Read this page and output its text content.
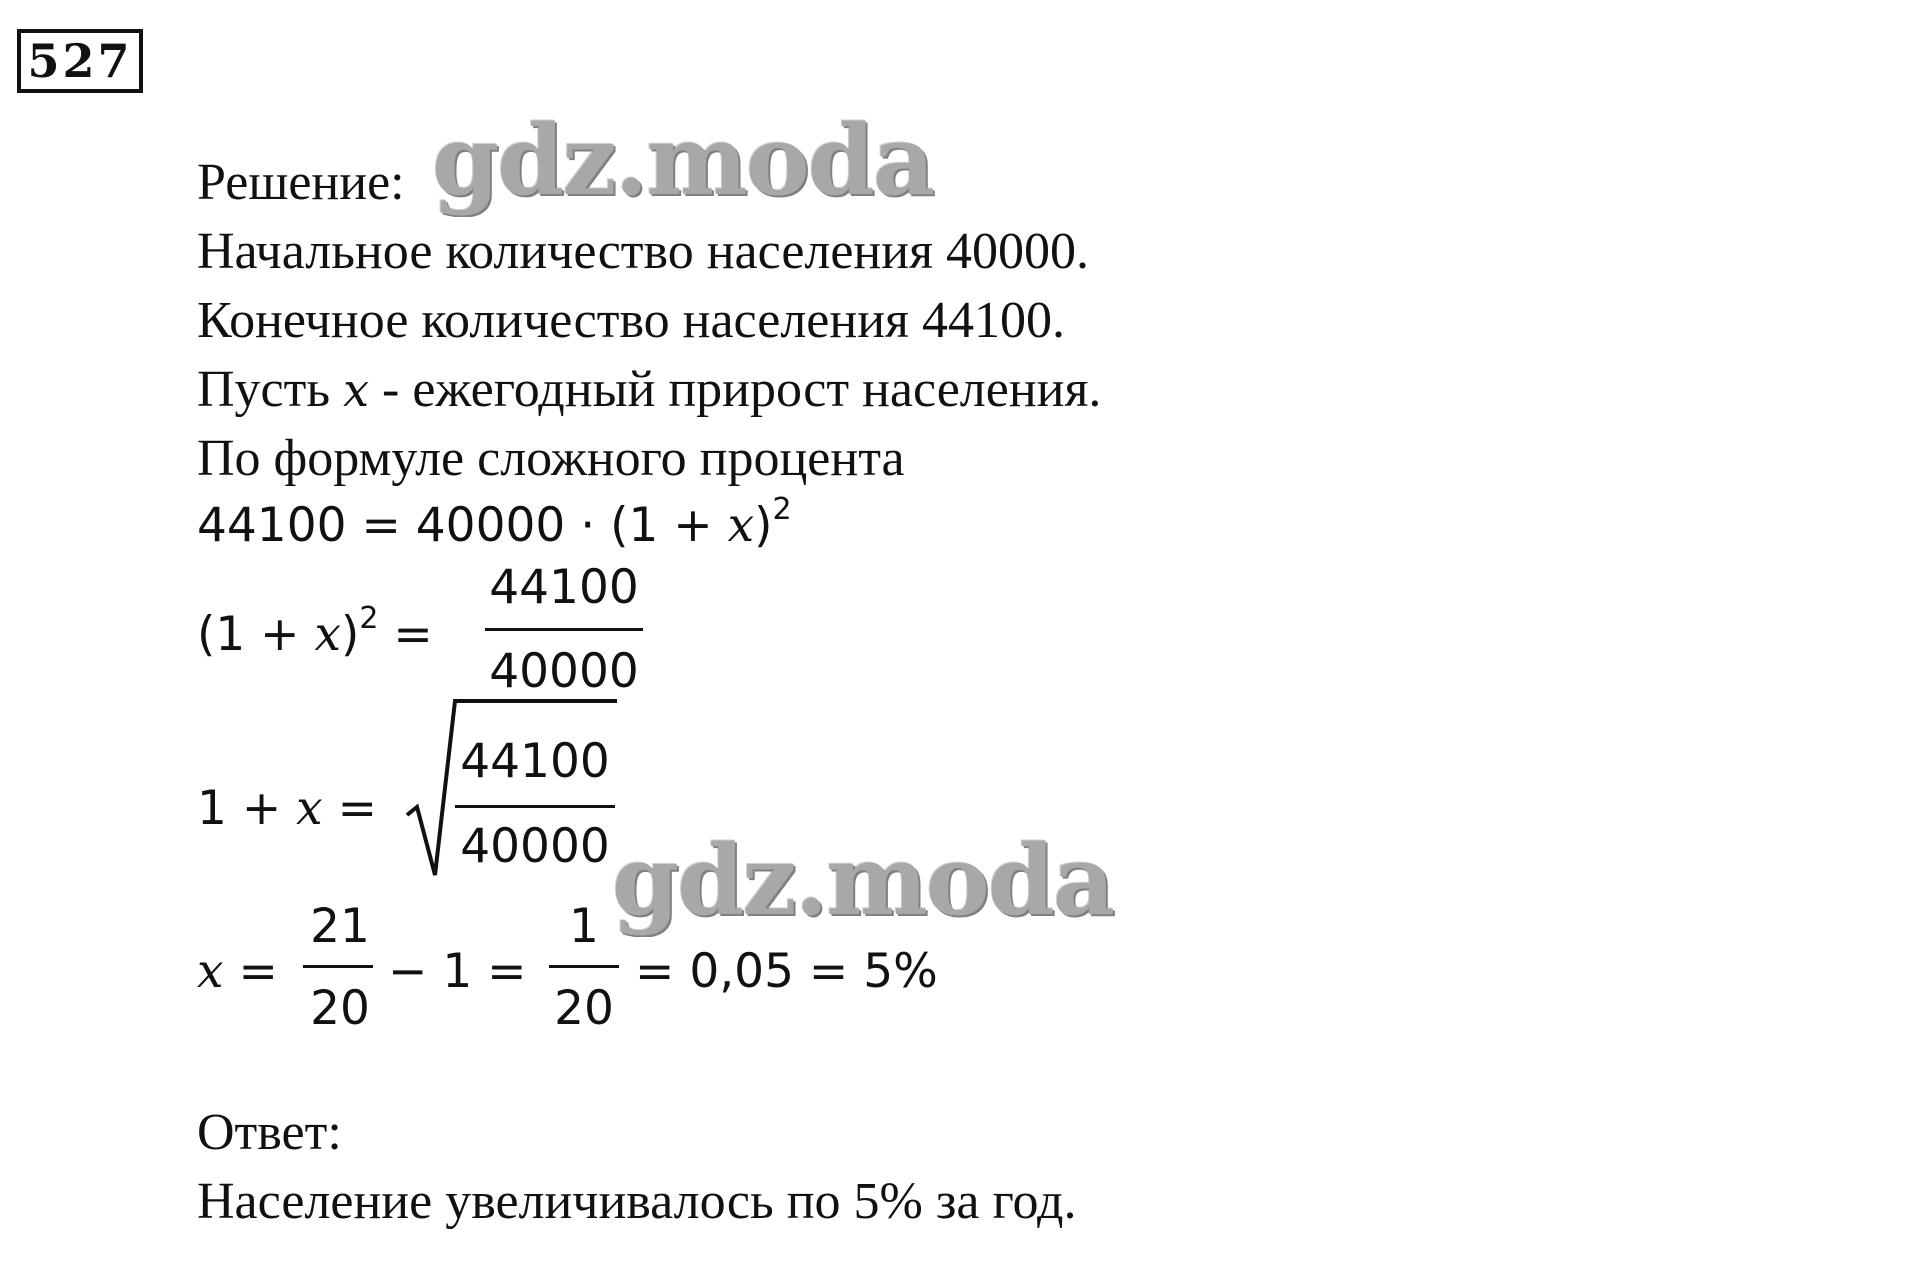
527
Решение:
Начальное количество населения 40000.
Конечное количество населения 44100.
Пусть x - ежегодный прирост населения.
По формуле сложного процента
$44100 = 40000 \cdot (1 + x)^2$
$(1 + x)^2$ =
44100
40000
1 + x =
44100
40000
x =
21
20
− 1 =
1
20
= 0,05 = 5%
Ответ:
Население увеличивалось по 5% за год.
gdz.moda
gdz.moda
